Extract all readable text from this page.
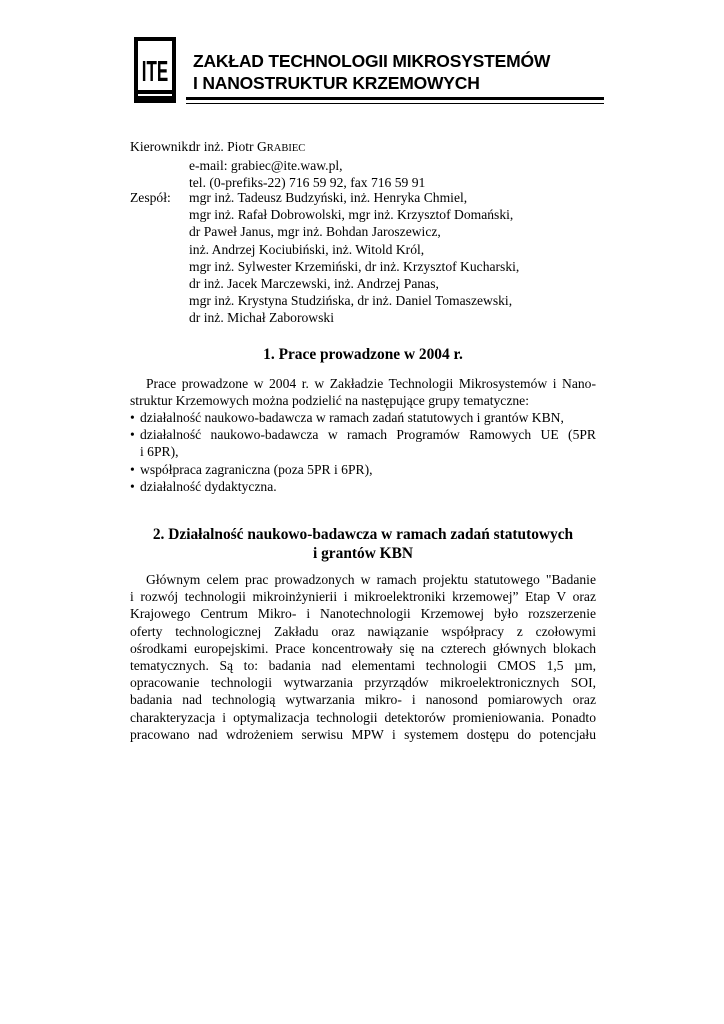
ITE ZAKŁAD TECHNOLOGII MIKROSYSTEMÓW
I NANOSTRUKTUR KRZEMOWYCH
Kierownik:
dr inż. Piotr GRABIEC
e-mail: grabiec@ite.waw.pl,
tel. (0-prefiks-22) 716 59 92, fax 716 59 91
Zespół: mgr inż. Tadeusz Budzyński, inż. Henryka Chmiel,
mgr inż. Rafał Dobrowolski, mgr inż. Krzysztof Domański,
dr Paweł Janus, mgr inż. Bohdan Jaroszewicz,
inż. Andrzej Kociubiński, inż. Witold Król,
mgr inż. Sylwester Krzemiński, dr inż. Krzysztof Kucharski,
dr inż. Jacek Marczewski, inż. Andrzej Panas,
mgr inż. Krystyna Studzińska, dr inż. Daniel Tomaszewski,
dr inż. Michał Zaborowski
1. Prace prowadzone w 2004 r.
Prace prowadzone w 2004 r. w Zakładzie Technologii Mikrosystemów i Nano-
struktur Krzemowych można podzielić na następujące grupy tematyczne:
• działalność naukowo-badawcza w ramach zadań statutowych i grantów KBN,
• działalność naukowo-badawcza w ramach Programów Ramowych UE (5PR
i 6PR),
• współpraca zagraniczna (poza 5PR i 6PR),
• działalność dydaktyczna.
2. Działalność naukowo-badawcza w ramach zadań statutowych
i grantów KBN
Głównym celem prac prowadzonych w ramach projektu statutowego "Badanie
i rozwój technologii mikroinżynierii i mikroelektroniki krzemowej” Etap V oraz
Krajowego Centrum Mikro- i Nanotechnologii Krzemowej było rozszerzenie
oferty technologicznej Zakładu oraz nawiązanie współpracy z czołowymi
ośrodkami europejskimi. Prace koncentrowały się na czterech głównych blokach
tematycznych. Są to: badania nad elementami technologii CMOS 1,5 µm,
opracowanie technologii wytwarzania przyrządów mikroelektronicznych SOI,
badania nad technologią wytwarzania mikro- i nanosond pomiarowych oraz
charakteryzacja i optymalizacja technologii detektorów promieniowania. Ponadto
pracowano nad wdrożeniem serwisu MPW i systemem dostępu do potencjału
